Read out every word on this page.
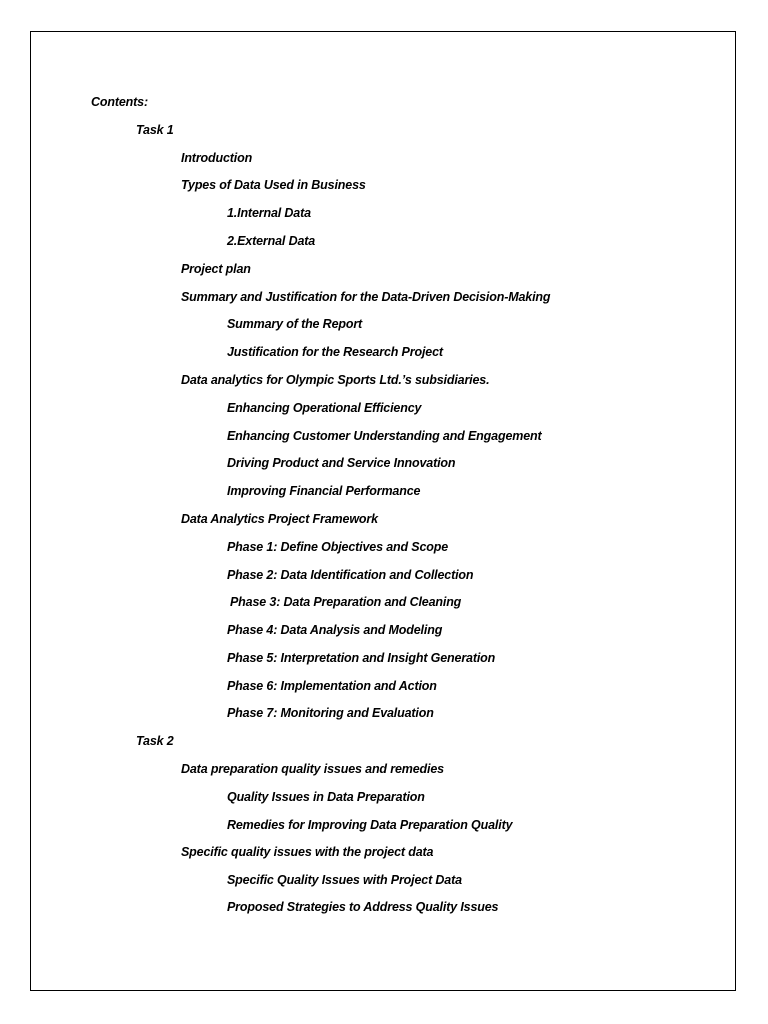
Contents:
Task 1
Introduction
Types of Data Used in Business
1.Internal Data
2.External Data
Project plan
Summary and Justification for the Data-Driven Decision-Making
Summary of the Report
Justification for the Research Project
Data analytics for Olympic Sports Ltd.’s subsidiaries.
Enhancing Operational Efficiency
Enhancing Customer Understanding and Engagement
Driving Product and Service Innovation
Improving Financial Performance
Data Analytics Project Framework
Phase 1: Define Objectives and Scope
Phase 2: Data Identification and Collection
Phase 3: Data Preparation and Cleaning
Phase 4: Data Analysis and Modeling
Phase 5: Interpretation and Insight Generation
Phase 6: Implementation and Action
Phase 7: Monitoring and Evaluation
Task 2
Data preparation quality issues and remedies
Quality Issues in Data Preparation
Remedies for Improving Data Preparation Quality
Specific quality issues with the project data
Specific Quality Issues with Project Data
Proposed Strategies to Address Quality Issues
